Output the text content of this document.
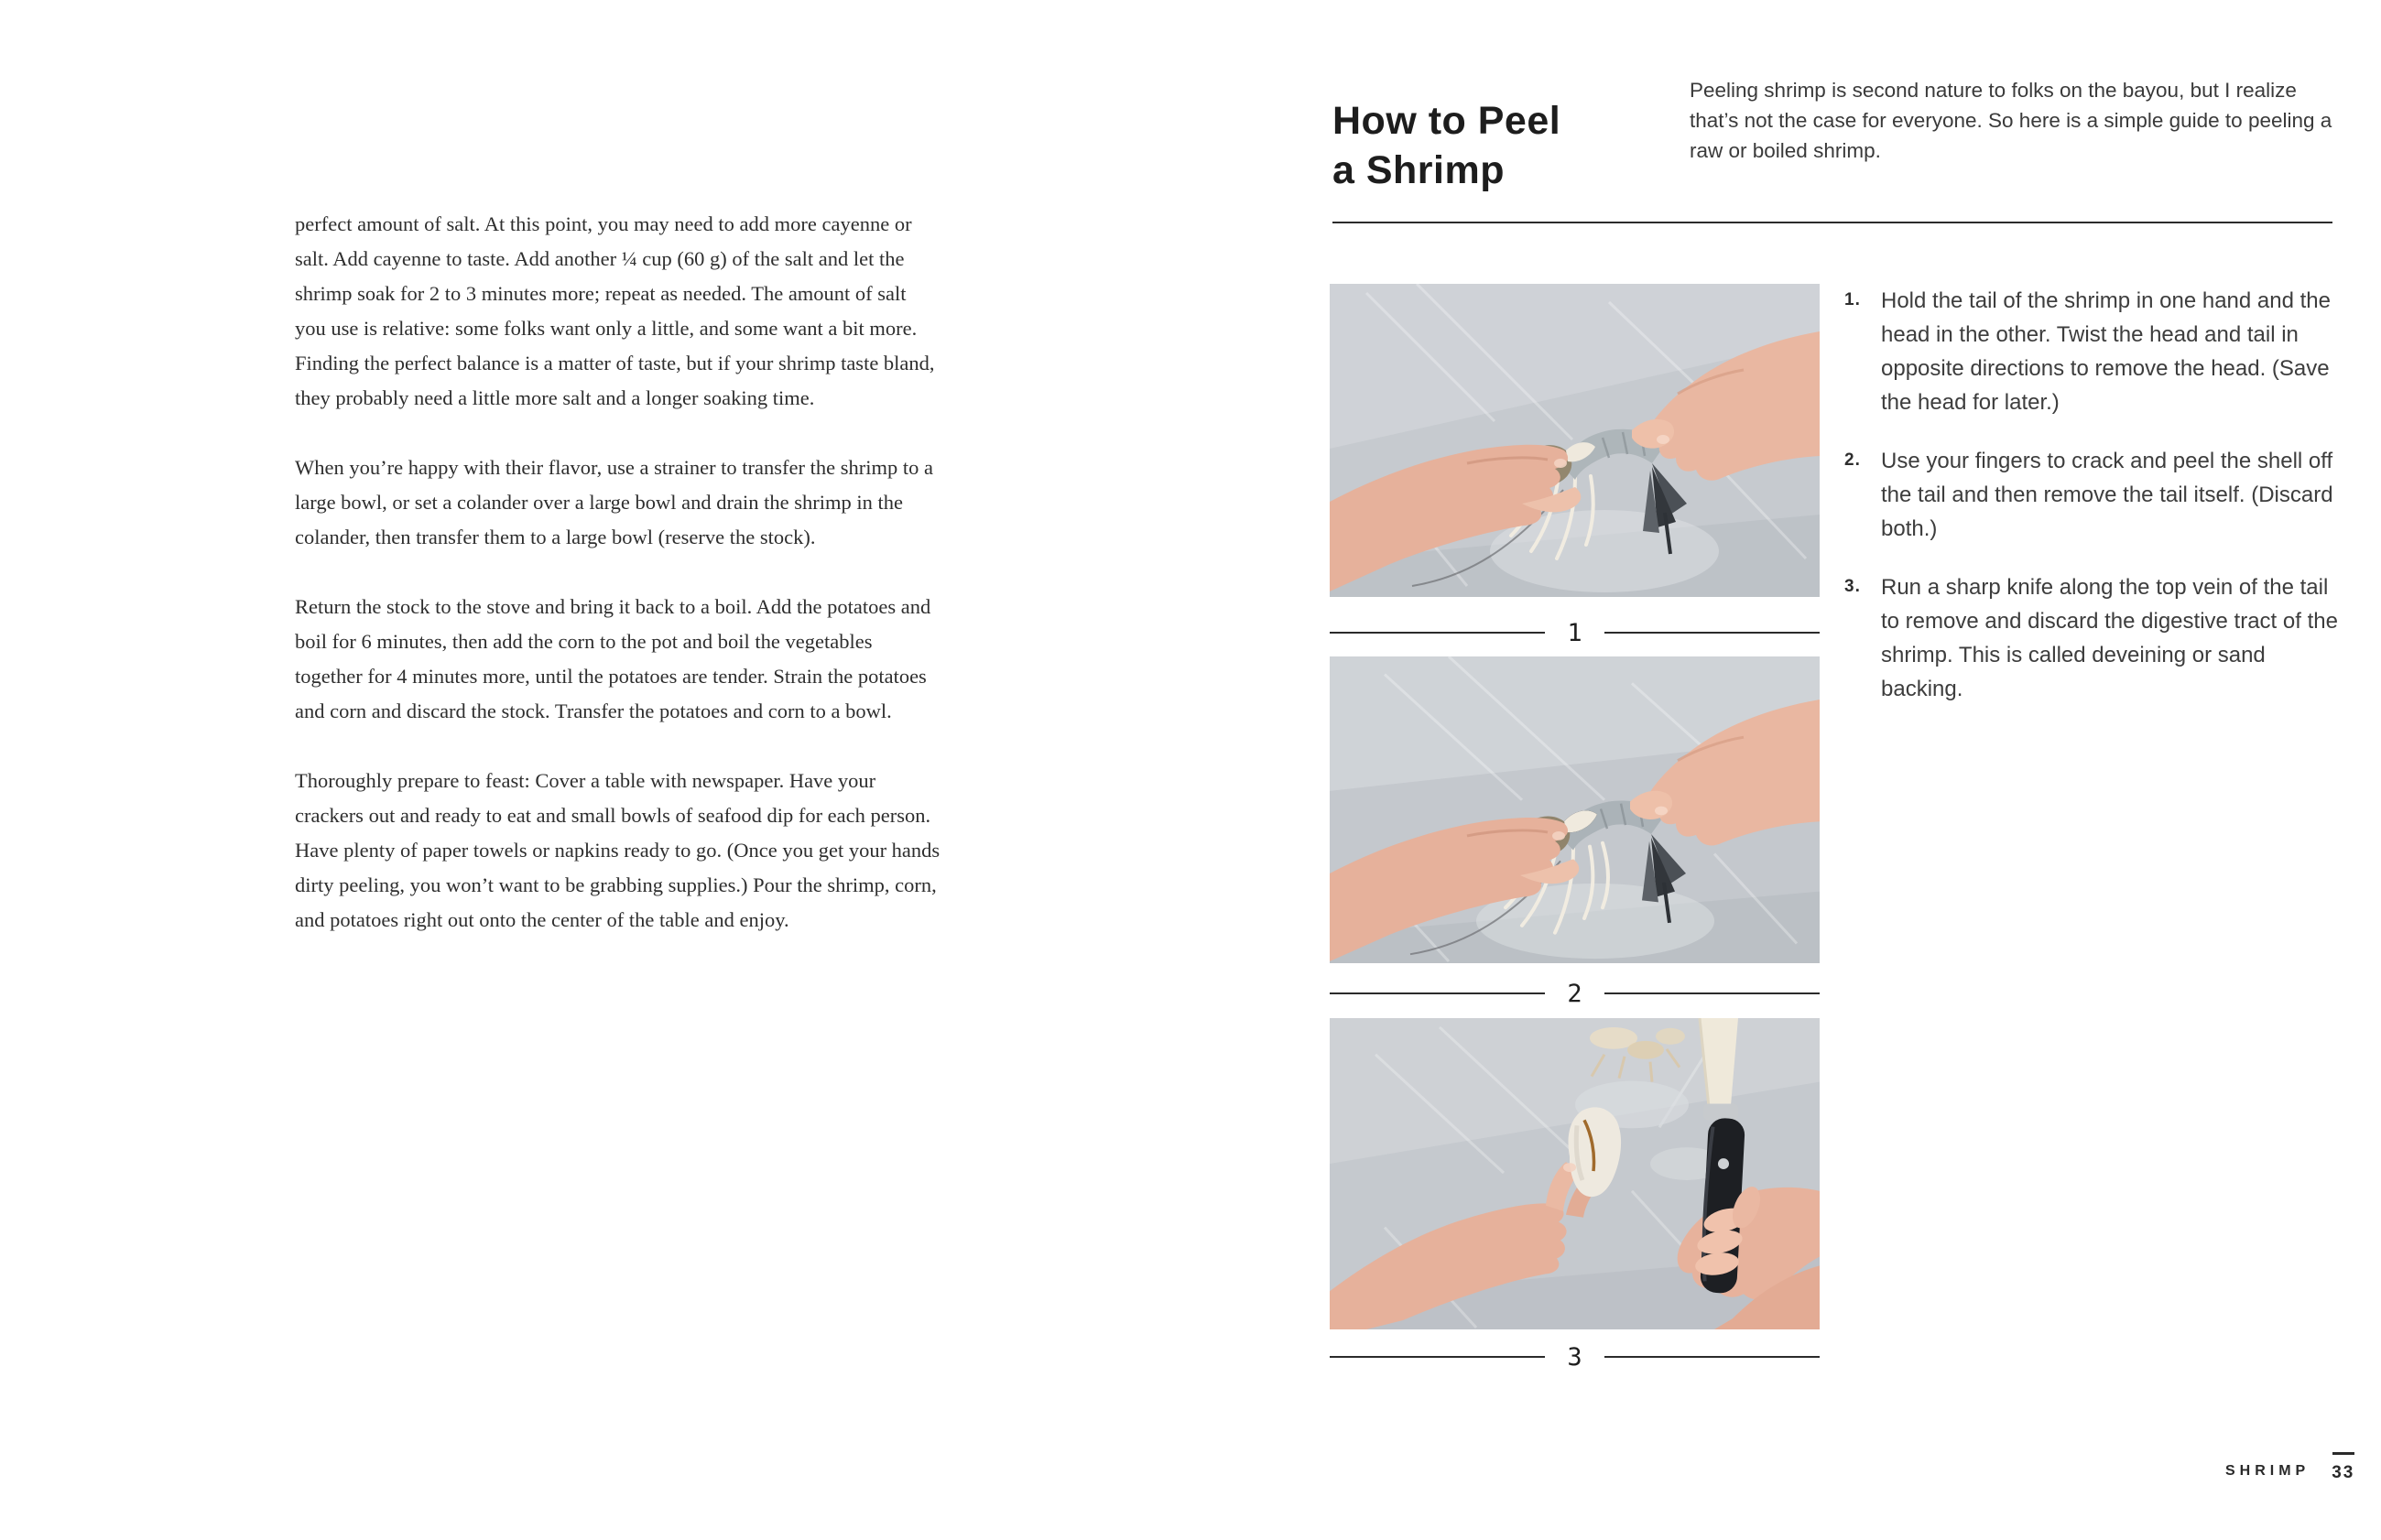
perfect amount of salt. At this point, you may need to add more cayenne or salt. Add cayenne to taste. Add another ¼ cup (60 g) of the salt and let the shrimp soak for 2 to 3 minutes more; repeat as needed. The amount of salt you use is relative: some folks want only a little, and some want a bit more. Finding the perfect balance is a matter of taste, but if your shrimp taste bland, they probably need a little more salt and a longer soaking time.

When you’re happy with their flavor, use a strainer to transfer the shrimp to a large bowl, or set a colander over a large bowl and drain the shrimp in the colander, then transfer them to a large bowl (reserve the stock).

Return the stock to the stove and bring it back to a boil. Add the potatoes and boil for 6 minutes, then add the corn to the pot and boil the vegetables together for 4 minutes more, until the potatoes are tender. Strain the potatoes and corn and discard the stock. Transfer the potatoes and corn to a bowl.

Thoroughly prepare to feast: Cover a table with newspaper. Have your crackers out and ready to eat and small bowls of seafood dip for each person. Have plenty of paper towels or napkins ready to go. (Once you get your hands dirty peeling, you won’t want to be grabbing supplies.) Pour the shrimp, corn, and potatoes right out onto the center of the table and enjoy.

How to Peel
a Shrimp
Peeling shrimp is second nature to folks on the bayou, but I realize that’s not the case for everyone. So here is a simple guide to peeling a raw or boiled shrimp.
1
2
3
1. Hold the tail of the shrimp in one hand and the head in the other. Twist the head and tail in opposite directions to remove the head. (Save the head for later.)
2. Use your fingers to crack and peel the shell off the tail and then remove the tail itself. (Discard both.)
3. Run a sharp knife along the top vein of the tail to remove and discard the digestive tract of the shrimp. This is called deveining or sand backing.
SHRIMP 33
